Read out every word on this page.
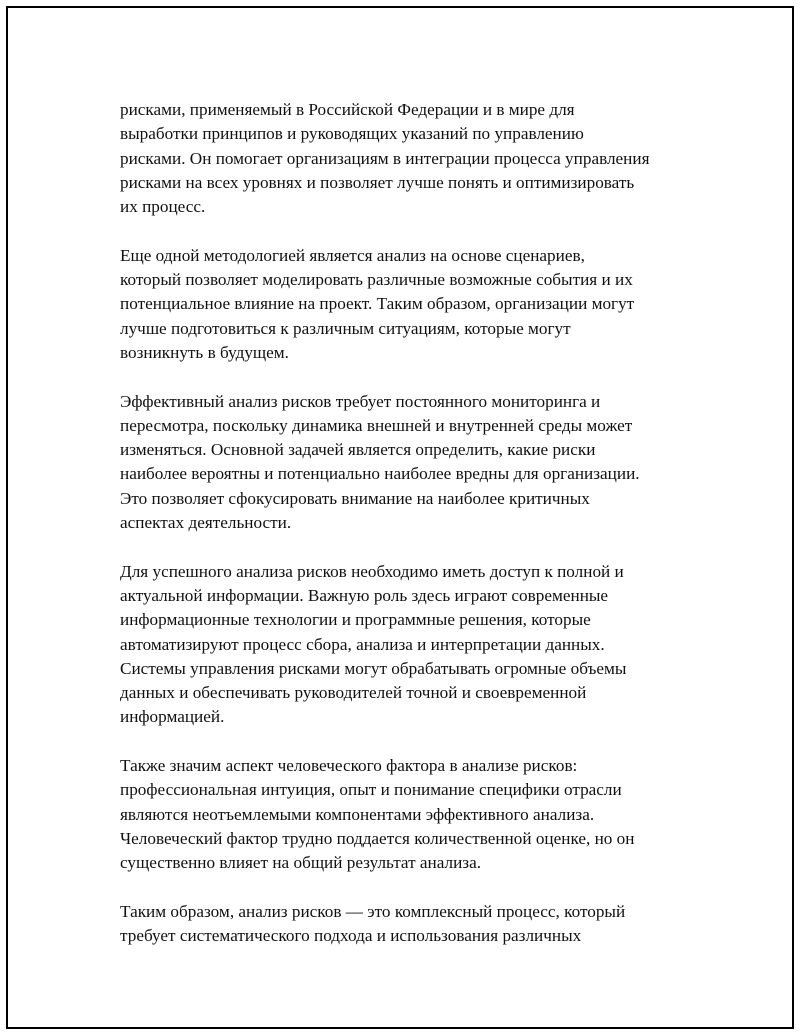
рисками, применяемый в Российской Федерации и в мире для
выработки принципов и руководящих указаний по управлению
рисками. Он помогает организациям в интеграции процесса управления
рисками на всех уровнях и позволяет лучше понять и оптимизировать
их процесс.

Еще одной методологией является анализ на основе сценариев,
который позволяет моделировать различные возможные события и их
потенциальное влияние на проект. Таким образом, организации могут
лучше подготовиться к различным ситуациям, которые могут
возникнуть в будущем.

Эффективный анализ рисков требует постоянного мониторинга и
пересмотра, поскольку динамика внешней и внутренней среды может
изменяться. Основной задачей является определить, какие риски
наиболее вероятны и потенциально наиболее вредны для организации.
Это позволяет сфокусировать внимание на наиболее критичных
аспектах деятельности.

Для успешного анализа рисков необходимо иметь доступ к полной и
актуальной информации. Важную роль здесь играют современные
информационные технологии и программные решения, которые
автоматизируют процесс сбора, анализа и интерпретации данных.
Системы управления рисками могут обрабатывать огромные объемы
данных и обеспечивать руководителей точной и своевременной
информацией.

Также значим аспект человеческого фактора в анализе рисков:
профессиональная интуиция, опыт и понимание специфики отрасли
являются неотъемлемыми компонентами эффективного анализа.
Человеческий фактор трудно поддается количественной оценке, но он
существенно влияет на общий результат анализа.

Таким образом, анализ рисков — это комплексный процесс, который
требует систематического подхода и использования различных
